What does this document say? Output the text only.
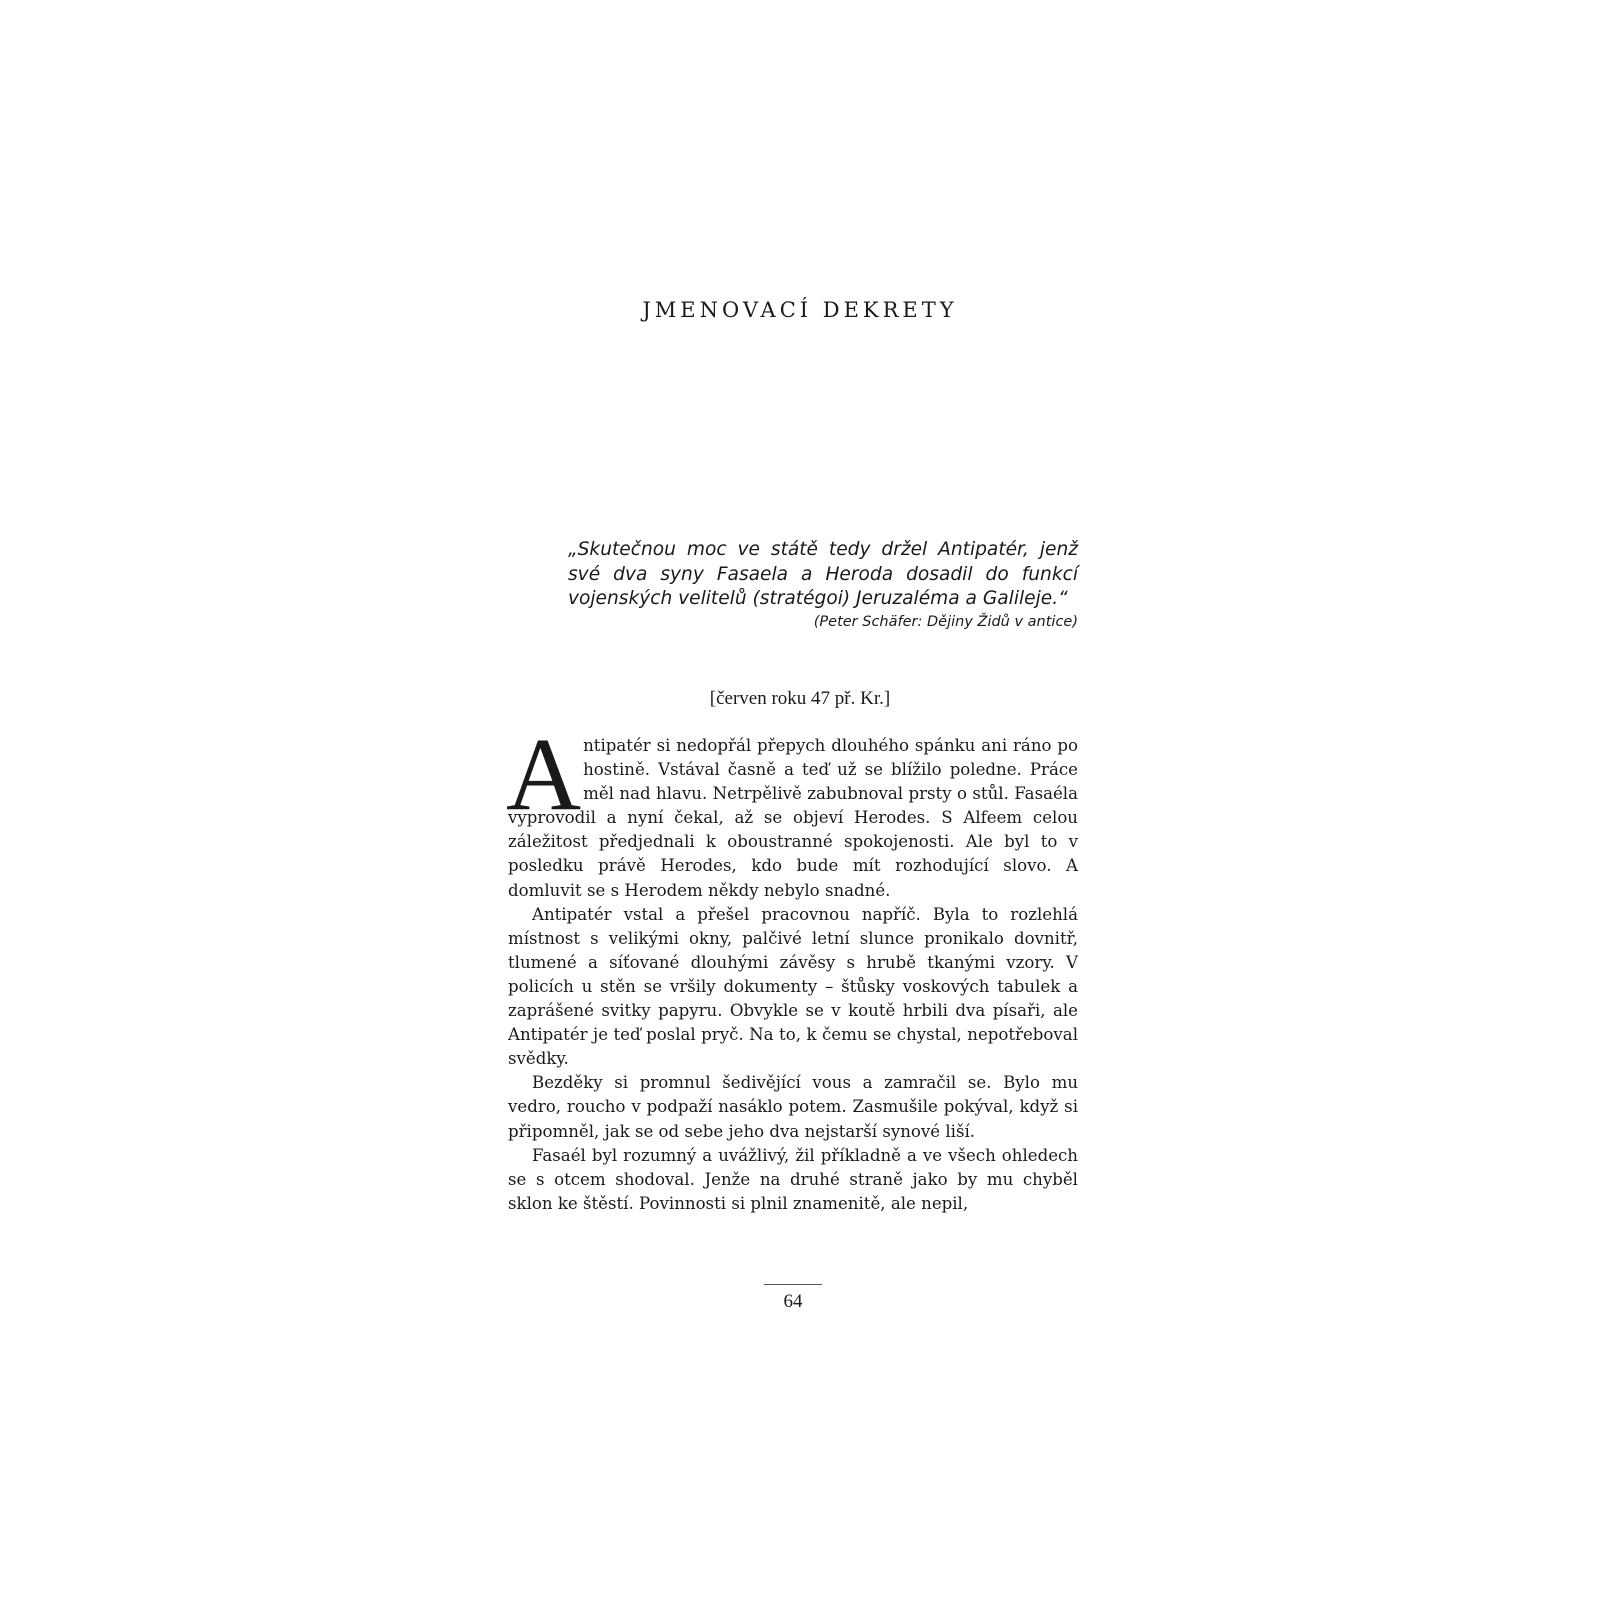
JMENOVACÍ DEKRETY

„Skutečnou moc ve státě tedy držel Antipatér, jenž své dva syny Fasaela a Heroda dosadil do funkcí vojenských velitelů (stratégoi) Jeruzaléma a Galileje.“

(Peter Schäfer: Dějiny Židů v antice)

[červen roku 47 př. Kr.]

Antipatér si nedopřál přepych dlouhého spánku ani ráno po hostině. Vstával časně a teď už se blížilo poledne. Práce měl nad hlavu. Netrpělivě zabubnoval prsty o stůl. Fasaéla vyprovodil a nyní čekal, až se objeví Herodes. S Alfeem celou záležitost předjednali k oboustranné spokojenosti. Ale byl to v posledku právě Herodes, kdo bude mít rozhodující slovo. A domluvit se s Herodem někdy nebylo snadné.

Antipatér vstal a přešel pracovnou napříč. Byla to rozlehlá místnost s velikými okny, palčivé letní slunce pronikalo dovnitř, tlumené a síťované dlouhými závěsy s hrubě tkanými vzory. V policích u stěn se vršily dokumenty – štůsky voskových tabulek a zaprášené svitky papyru. Obvykle se v koutě hrbili dva písaři, ale Antipatér je teď poslal pryč. Na to, k čemu se chystal, nepotřeboval svědky.

Bezděky si promnul šedivějící vous a zamračil se. Bylo mu vedro, roucho v podpaží nasáklo potem. Zasmušile pokýval, když si připomněl, jak se od sebe jeho dva nejstarší synové liší.

Fasaél byl rozumný a uvážlivý, žil příkladně a ve všech ohledech se s otcem shodoval. Jenže na druhé straně jako by mu chyběl sklon ke štěstí. Povinnosti si plnil znamenitě, ale nepil,

64
